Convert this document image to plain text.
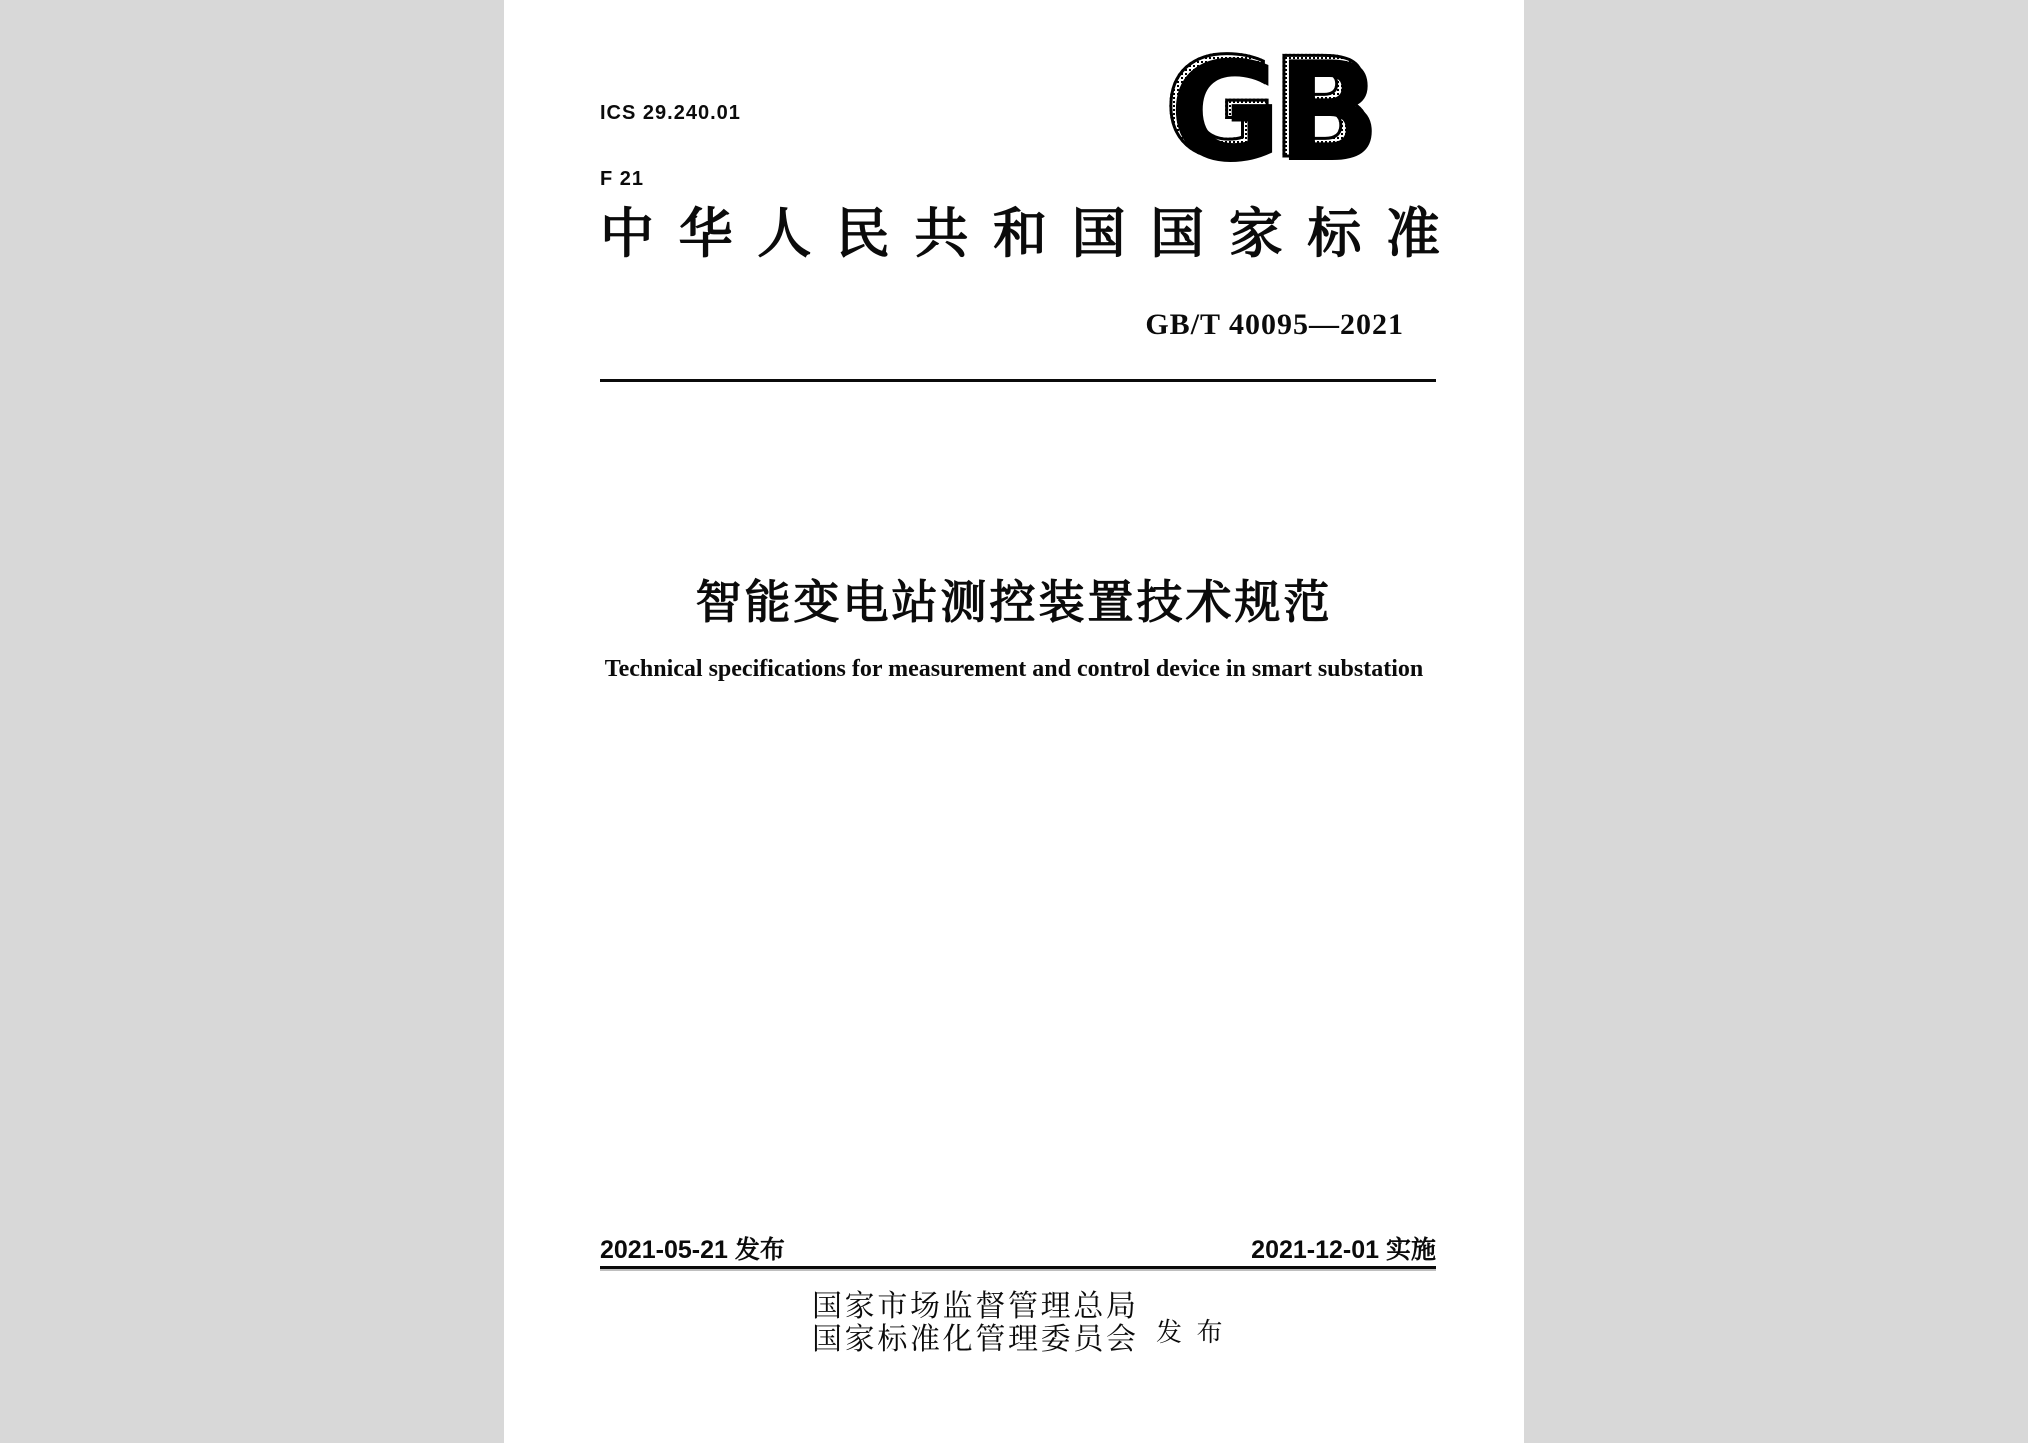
ICS 29.240.01

F 21

	GB
中华人民共和国国家标准
GB/T 40095—2021
智能变电站测控装置技术规范
Technical specifications for measurement and control device in smart substation
2021-05-21 发布	2021-12-01 实施
国家市场监督管理总局
国家标准化管理委员会 发 布
